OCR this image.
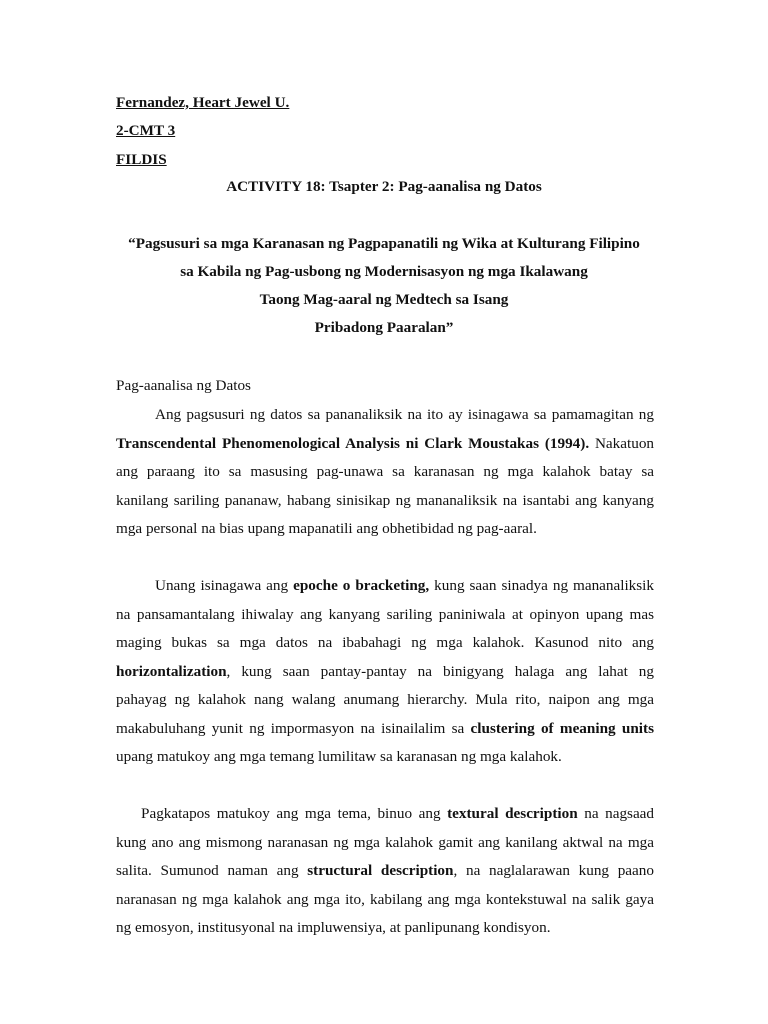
Fernandez, Heart Jewel U.
2-CMT 3
FILDIS
ACTIVITY 18: Tsapter 2: Pag-aanalisa ng Datos
“Pagsusuri sa mga Karanasan ng Pagpapanatili ng Wika at Kulturang Filipino
sa Kabila ng Pag-usbong ng Modernisasyon ng mga Ikalawang
Taong Mag-aaral ng Medtech sa Isang
Pribadong Paaralan”
Pag-aanalisa ng Datos
Ang pagsusuri ng datos sa pananaliksik na ito ay isinagawa sa pamamagitan ng
Transcendental Phenomenological Analysis ni Clark Moustakas (1994). Nakatuon
ang paraang ito sa masusing pag-unawa sa karanasan ng mga kalahok batay sa
kanilang sariling pananaw, habang sinisikap ng mananaliksik na isantabi ang kanyang
mga personal na bias upang mapanatili ang obhetibidad ng pag-aaral.
Unang isinagawa ang epoche o bracketing, kung saan sinadya ng mananaliksik
na pansamantalang ihiwalay ang kanyang sariling paniniwala at opinyon upang mas
maging bukas sa mga datos na ibabahagi ng mga kalahok. Kasunod nito ang
horizontalization, kung saan pantay-pantay na binigyang halaga ang lahat ng
pahayag ng kalahok nang walang anumang hierarchy. Mula rito, naipon ang mga
makabuluhang yunit ng impormasyon na isinailalim sa clustering of meaning units
upang matukoy ang mga temang lumilitaw sa karanasan ng mga kalahok.
Pagkatapos matukoy ang mga tema, binuo ang textural description na nagsaad
kung ano ang mismong naranasan ng mga kalahok gamit ang kanilang aktwal na mga
salita. Sumunod naman ang structural description, na naglalarawan kung paano
naranasan ng mga kalahok ang mga ito, kabilang ang mga kontekstuwal na salik gaya
ng emosyon, institusyonal na impluwensiya, at panlipunang kondisyon.
